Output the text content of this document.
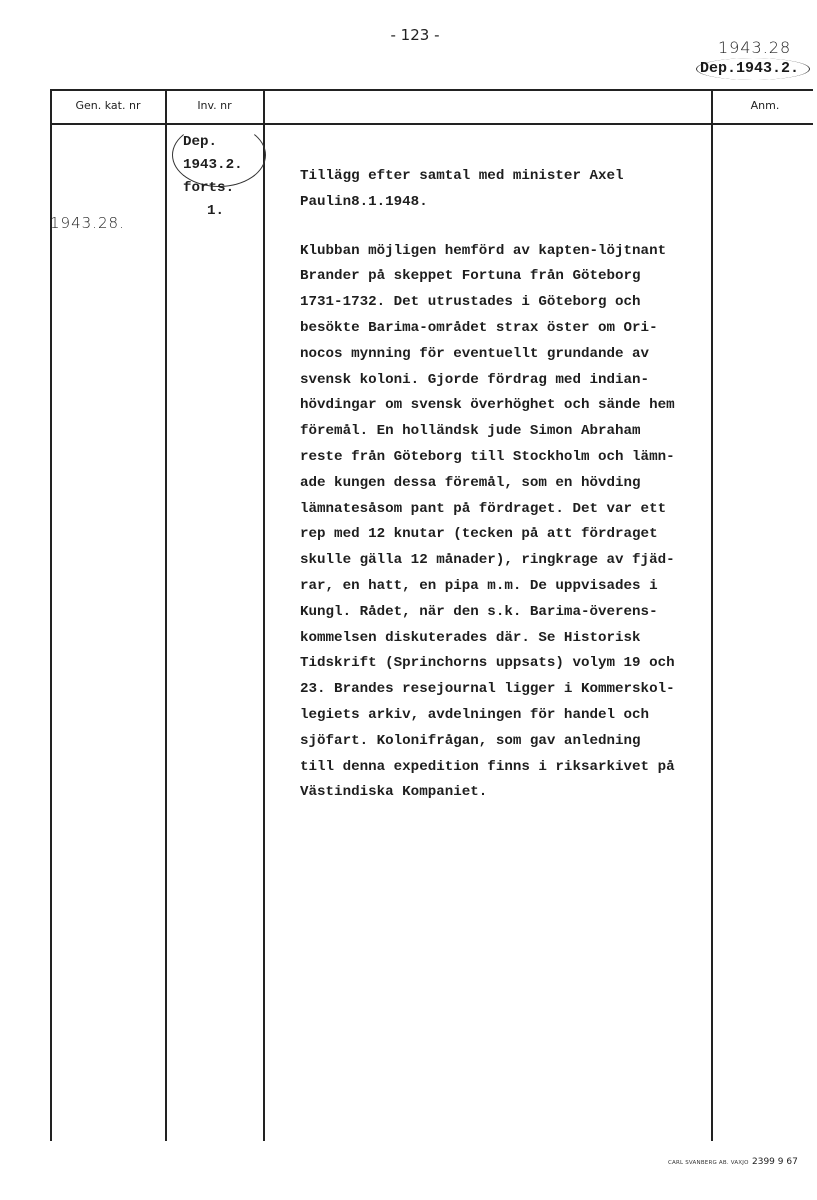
- 123 -
1943.28
Dep.1943.2.
Gen. kat. nr	Inv. nr	Anm.
1943.28.
Dep.
1943.2.
forts.
1.

Tillägg efter samtal med minister Axel

Paulin8.1.1948.

Klubban möjligen hemförd av kapten-löjtnant

Brander på skeppet Fortuna från Göteborg

1731-1732. Det utrustades i Göteborg och

besökte Barima-området strax öster om Ori-

nocos mynning för eventuellt grundande av

svensk koloni. Gjorde fördrag med indian-

hövdingar om svensk överhöghet och sände hem

föremål. En holländsk jude Simon Abraham

reste från Göteborg till Stockholm och lämn-

ade kungen dessa föremål, som en hövding

lämnatesåsom pant på fördraget. Det var ett

rep med 12 knutar (tecken på att fördraget

skulle gälla 12 månader), ringkrage av fjäd-

rar, en hatt, en pipa m.m. De uppvisades i

Kungl. Rådet, när den s.k. Barima-överens-

kommelsen diskuterades där. Se Historisk

Tidskrift (Sprinchorns uppsats) volym 19 och

23. Brandes resejournal ligger i Kommerskol-

legiets arkiv, avdelningen för handel och

sjöfart. Kolonifrågan, som gav anledning

till denna expedition finns i riksarkivet på

Västindiska Kompaniet.

CARL SVANBERG AB. VAXJO 2399 9 67
